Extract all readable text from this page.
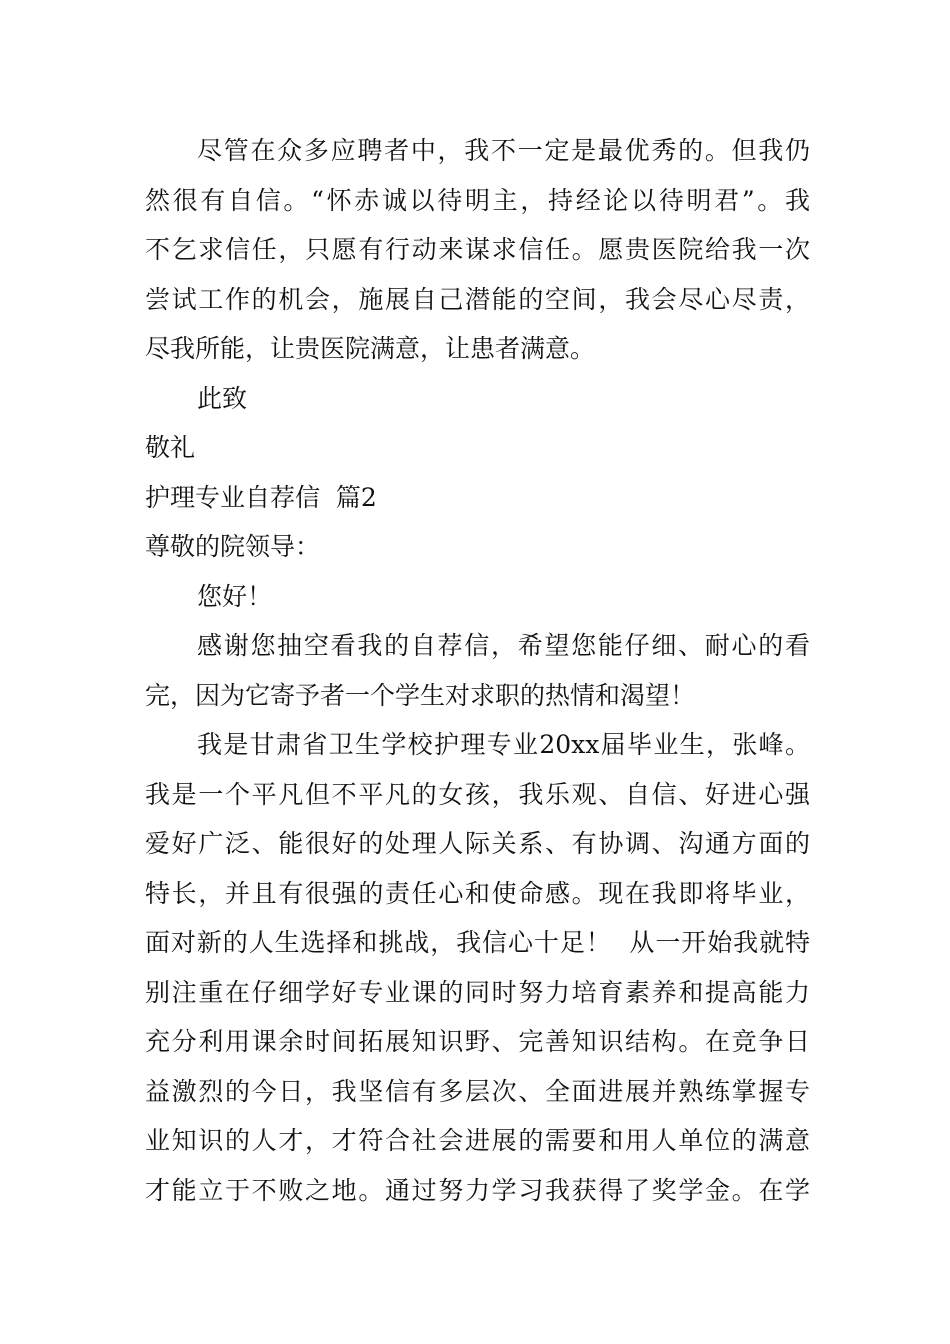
尽管在众多应聘者中，我不一定是最优秀的。但我仍
然很有自信。“怀赤诚以待明主，持经论以待明君”。我
不乞求信任，只愿有行动来谋求信任。愿贵医院给我一次
尝试工作的机会，施展自己潜能的空间，我会尽心尽责，
尽我所能，让贵医院满意，让患者满意。
此致
敬礼
护理专业自荐信  篇2
尊敬的院领导：
您好！
感谢您抽空看我的自荐信，希望您能仔细、耐心的看
完，因为它寄予者一个学生对求职的热情和渴望！
我是甘肃省卫生学校护理专业20xx届毕业生，张峰。
我是一个平凡但不平凡的女孩，我乐观、自信、好进心强
爱好广泛、能很好的处理人际关系、有协调、沟通方面的
特长，并且有很强的责任心和使命感。现在我即将毕业，
面对新的人生选择和挑战，我信心十足！  从一开始我就特
别注重在仔细学好专业课的同时努力培育素养和提高能力
充分利用课余时间拓展知识野、完善知识结构。在竞争日
益激烈的今日，我坚信有多层次、全面进展并熟练掌握专
业知识的人才，才符合社会进展的需要和用人单位的满意
才能立于不败之地。通过努力学习我获得了奖学金。在学
